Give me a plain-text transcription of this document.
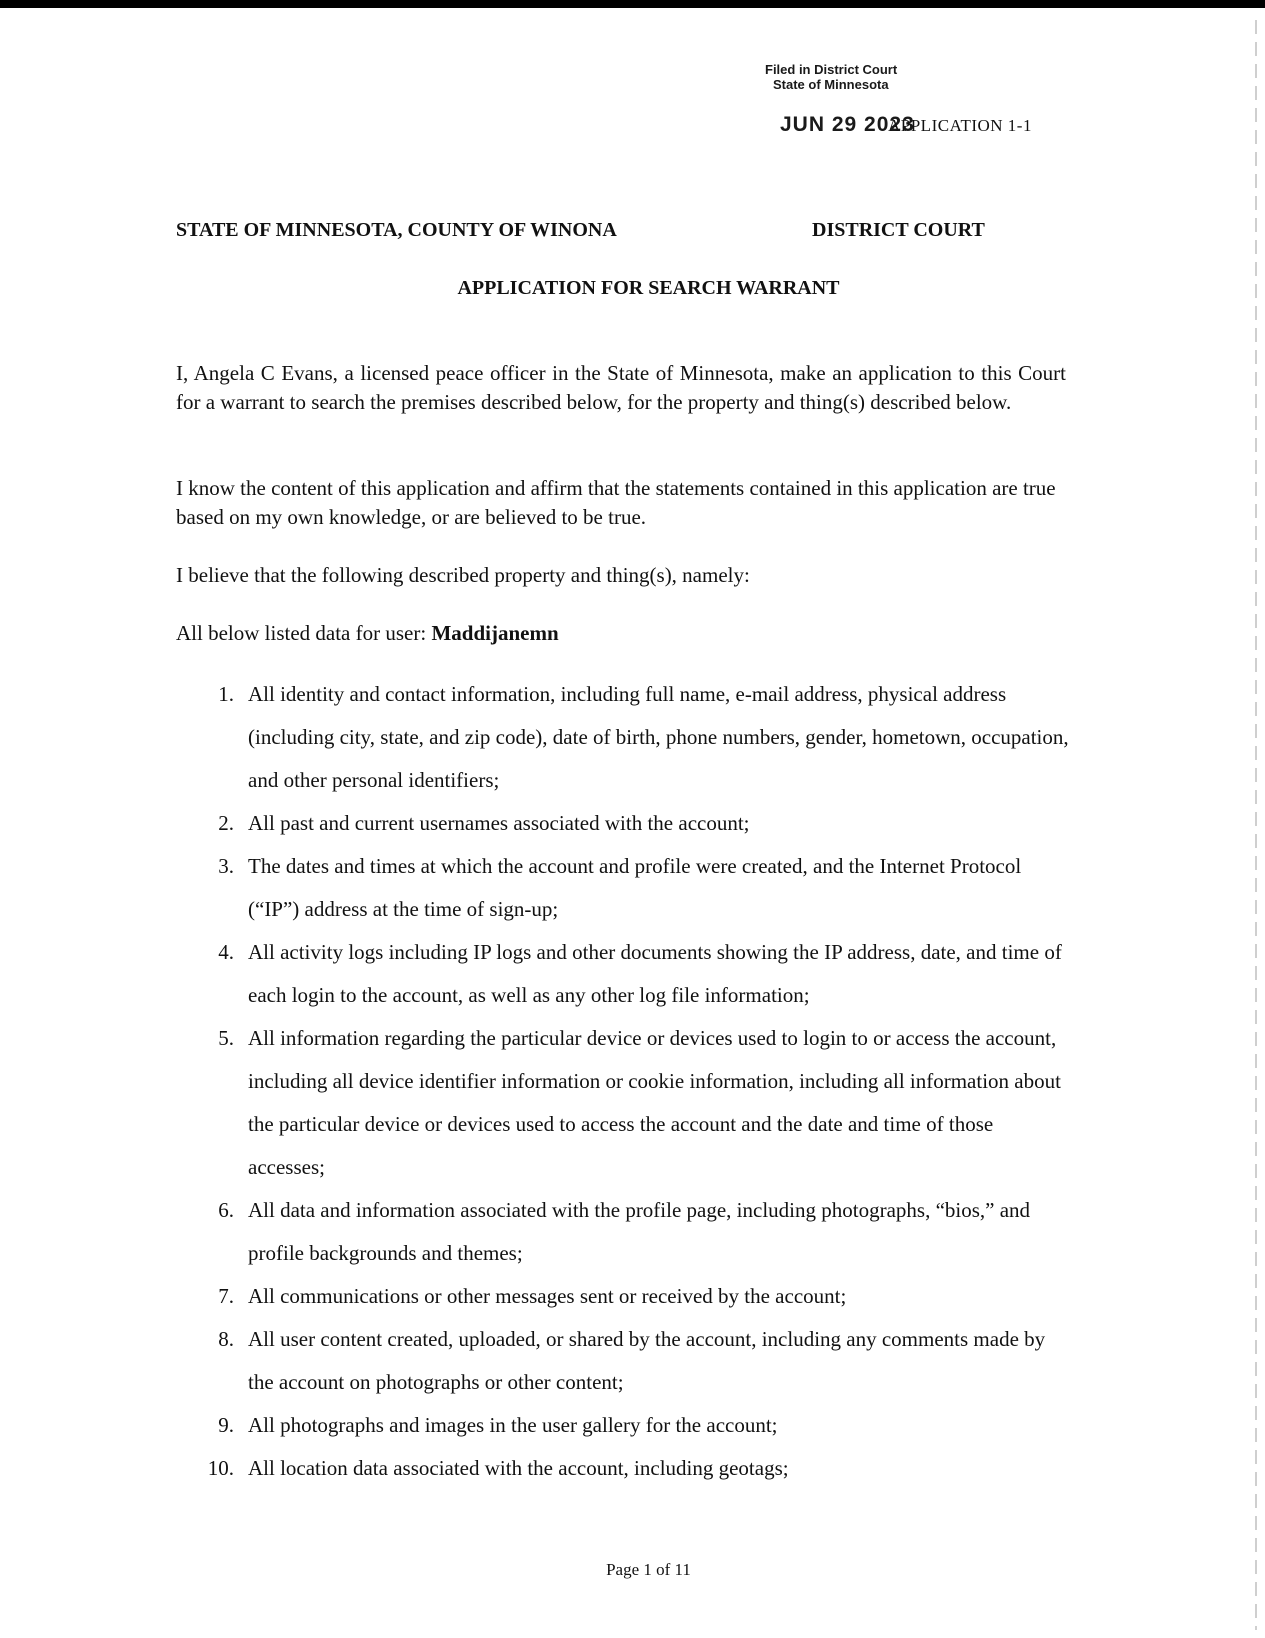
Filed in District Court
State of Minnesota
JUN 29 2023
APPLICATION 1-1
STATE OF MINNESOTA, COUNTY OF WINONA	DISTRICT COURT
APPLICATION FOR SEARCH WARRANT
I, Angela C Evans, a licensed peace officer in the State of Minnesota, make an application to this Court for a warrant to search the premises described below, for the property and thing(s) described below.
I know the content of this application and affirm that the statements contained in this application are true based on my own knowledge, or are believed to be true.
I believe that the following described property and thing(s), namely:
All below listed data for user: Maddijanemn
1. All identity and contact information, including full name, e-mail address, physical address (including city, state, and zip code), date of birth, phone numbers, gender, hometown, occupation, and other personal identifiers;
2. All past and current usernames associated with the account;
3. The dates and times at which the account and profile were created, and the Internet Protocol (“IP”) address at the time of sign-up;
4. All activity logs including IP logs and other documents showing the IP address, date, and time of each login to the account, as well as any other log file information;
5. All information regarding the particular device or devices used to login to or access the account, including all device identifier information or cookie information, including all information about the particular device or devices used to access the account and the date and time of those accesses;
6. All data and information associated with the profile page, including photographs, “bios,” and profile backgrounds and themes;
7. All communications or other messages sent or received by the account;
8. All user content created, uploaded, or shared by the account, including any comments made by the account on photographs or other content;
9. All photographs and images in the user gallery for the account;
10. All location data associated with the account, including geotags;
Page 1 of 11
